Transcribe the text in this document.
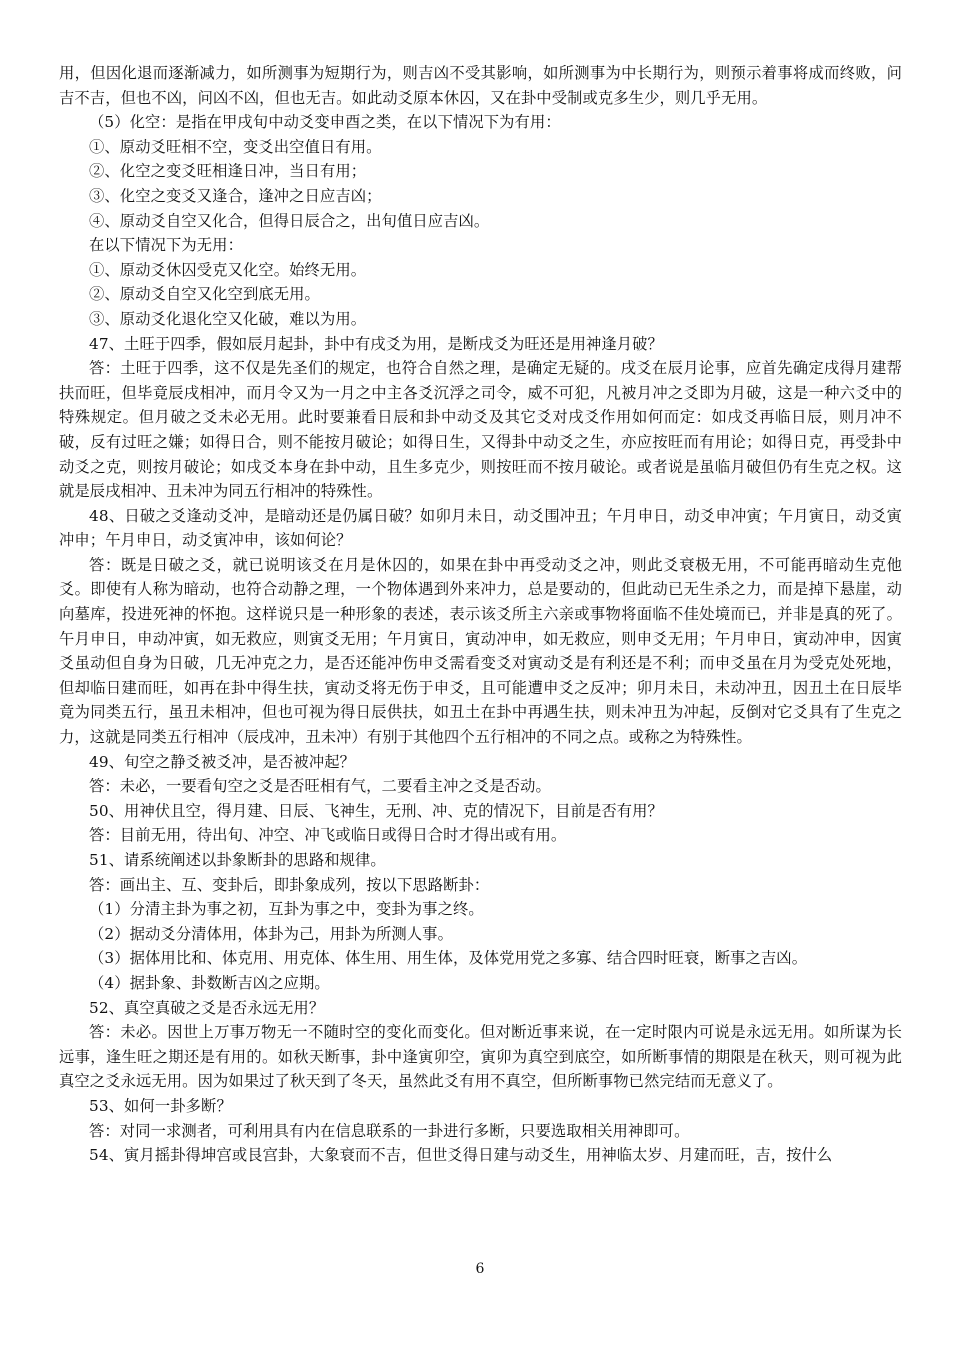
用，但因化退而逐渐减力，如所测事为短期行为，则吉凶不受其影响，如所测事为中长期行为，则预示着事将成而终败，问吉不吉，但也不凶，问凶不凶，但也无吉。如此动爻原本休囚，又在卦中受制或克多生少，则几乎无用。

（5）化空：是指在甲戌旬中动爻变申酉之类，在以下情况下为有用：

①、原动爻旺相不空，变爻出空值日有用。

②、化空之变爻旺相逢日冲，当日有用；

③、化空之变爻又逢合，逢冲之日应吉凶；

④、原动爻自空又化合，但得日辰合之，出旬值日应吉凶。

在以下情况下为无用：

①、原动爻休囚受克又化空。始终无用。

②、原动爻自空又化空到底无用。

③、原动爻化退化空又化破，难以为用。

47、土旺于四季，假如辰月起卦，卦中有戌爻为用，是断戌爻为旺还是用神逢月破？

答：土旺于四季，这不仅是先圣们的规定，也符合自然之理，是确定无疑的。戌爻在辰月论事，应首先确定戌得月建帮扶而旺，但毕竟辰戌相冲，而月令又为一月之中主各爻沉浮之司令，威不可犯，凡被月冲之爻即为月破，这是一种六爻中的特殊规定。但月破之爻未必无用。此时要兼看日辰和卦中动爻及其它爻对戌爻作用如何而定：如戌爻再临日辰，则月冲不破，反有过旺之嫌；如得日合，则不能按月破论；如得日生，又得卦中动爻之生，亦应按旺而有用论；如得日克，再受卦中动爻之克，则按月破论；如戌爻本身在卦中动，且生多克少，则按旺而不按月破论。或者说是虽临月破但仍有生克之权。这就是辰戌相冲、丑未冲为同五行相冲的特殊性。

48、日破之爻逢动爻冲，是暗动还是仍属日破？如卯月未日，动爻围冲丑；午月申日，动爻申冲寅；午月寅日，动爻寅冲申；午月申日，动爻寅冲申，该如何论？

答：既是日破之爻，就已说明该爻在月是休囚的，如果在卦中再受动爻之冲，则此爻衰极无用，不可能再暗动生克他爻。即使有人称为暗动，也符合动静之理，一个物体遇到外来冲力，总是要动的，但此动已无生杀之力，而是掉下悬崖，动向墓库，投进死神的怀抱。这样说只是一种形象的表述，表示该爻所主六亲或事物将面临不佳处境而已，并非是真的死了。午月申日，申动冲寅，如无救应，则寅爻无用；午月寅日，寅动冲申，如无救应，则申爻无用；午月申日，寅动冲申，因寅爻虽动但自身为日破，几无冲克之力，是否还能冲伤申爻需看变爻对寅动爻是有利还是不利；而申爻虽在月为受克处死地，但却临日建而旺，如再在卦中得生扶，寅动爻将无伤于申爻，且可能遭申爻之反冲；卯月未日，未动冲丑，因丑土在日辰毕竟为同类五行，虽丑未相冲，但也可视为得日辰供扶，如丑土在卦中再遇生扶，则未冲丑为冲起，反倒对它爻具有了生克之力，这就是同类五行相冲（辰戌冲，丑未冲）有别于其他四个五行相冲的不同之点。或称之为特殊性。

49、旬空之静爻被爻冲，是否被冲起？

答：未必，一要看旬空之爻是否旺相有气，二要看主冲之爻是否动。

50、用神伏且空，得月建、日辰、飞神生，无刑、冲、克的情况下，目前是否有用？

答：目前无用，待出旬、冲空、冲飞或临日或得日合时才得出或有用。

51、请系统阐述以卦象断卦的思路和规律。

答：画出主、互、变卦后，即卦象成列，按以下思路断卦：

（1）分清主卦为事之初，互卦为事之中，变卦为事之终。

（2）据动爻分清体用，体卦为己，用卦为所测人事。

（3）据体用比和、体克用、用克体、体生用、用生体，及体党用党之多寡、结合四时旺衰，断事之吉凶。

（4）据卦象、卦数断吉凶之应期。

52、真空真破之爻是否永远无用？

答：未必。因世上万事万物无一不随时空的变化而变化。但对断近事来说，在一定时限内可说是永远无用。如所谋为长远事，逢生旺之期还是有用的。如秋天断事，卦中逢寅卯空，寅卯为真空到底空，如所断事情的期限是在秋天，则可视为此真空之爻永远无用。因为如果过了秋天到了冬天，虽然此爻有用不真空，但所断事物已然完结而无意义了。

53、如何一卦多断？

答：对同一求测者，可利用具有内在信息联系的一卦进行多断，只要选取相关用神即可。

54、寅月摇卦得坤宫或艮宫卦，大象衰而不吉，但世爻得日建与动爻生，用神临太岁、月建而旺，吉，按什么

6
